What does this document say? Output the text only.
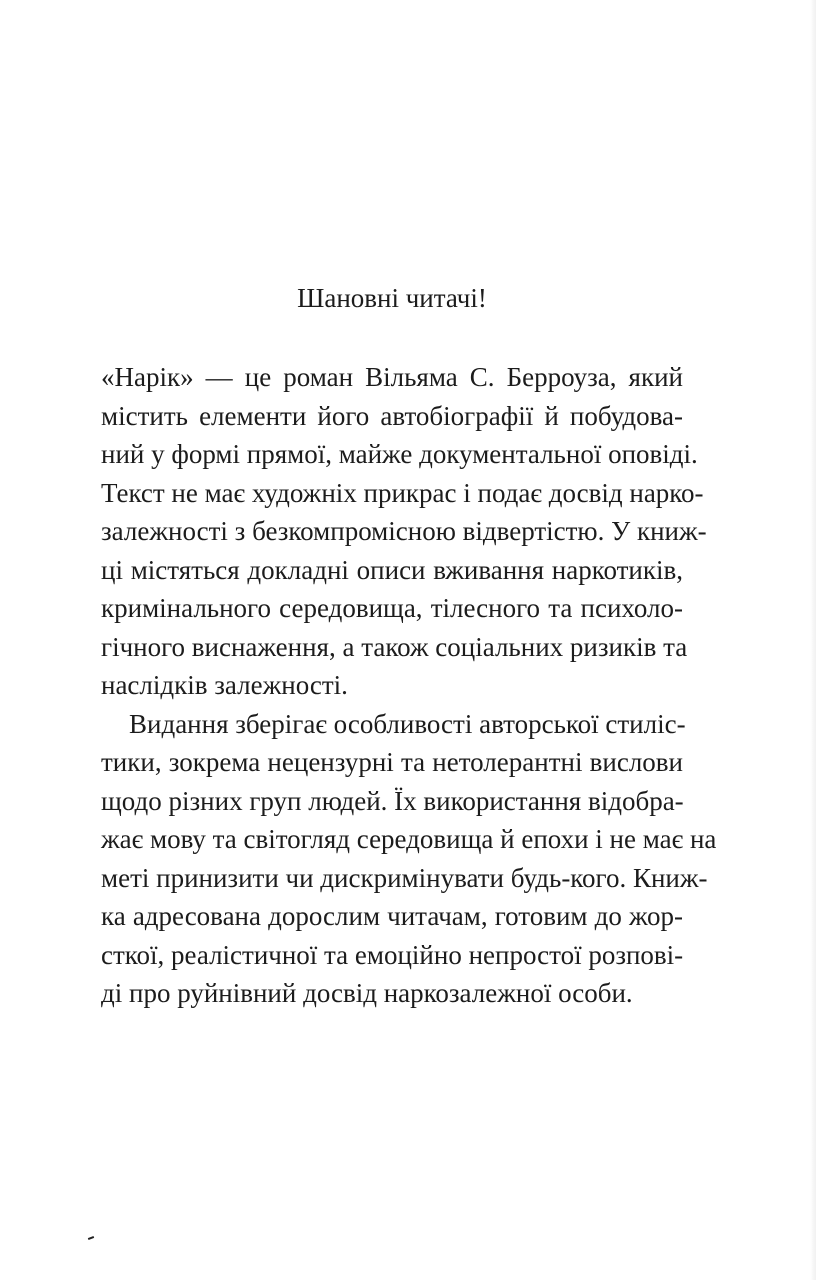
Шановні читачі!

«Нарік» — це роман Вільяма С. Берроуза, який
містить елементи його автобіографії й побудова-
ний у формі прямої, майже документальної оповіді.
Текст не має художніх прикрас і подає досвід нарко-
залежності з безкомпромісною відвертістю. У книж-
ці містяться докладні описи вживання наркотиків,
кримінального середовища, тілесного та психоло-
гічного виснаження, а також соціальних ризиків та
наслідків залежності.

Видання зберігає особливості авторської стиліс-
тики, зокрема нецензурні та нетолерантні вислови
щодо різних груп людей. Їх використання відобра-
жає мову та світогляд середовища й епохи і не має на
меті принизити чи дискримінувати будь-кого. Книж-
ка адресована дорослим читачам, готовим до жор-
сткої, реалістичної та емоційно непростої розпові-
ді про руйнівний досвід наркозалежної особи.
